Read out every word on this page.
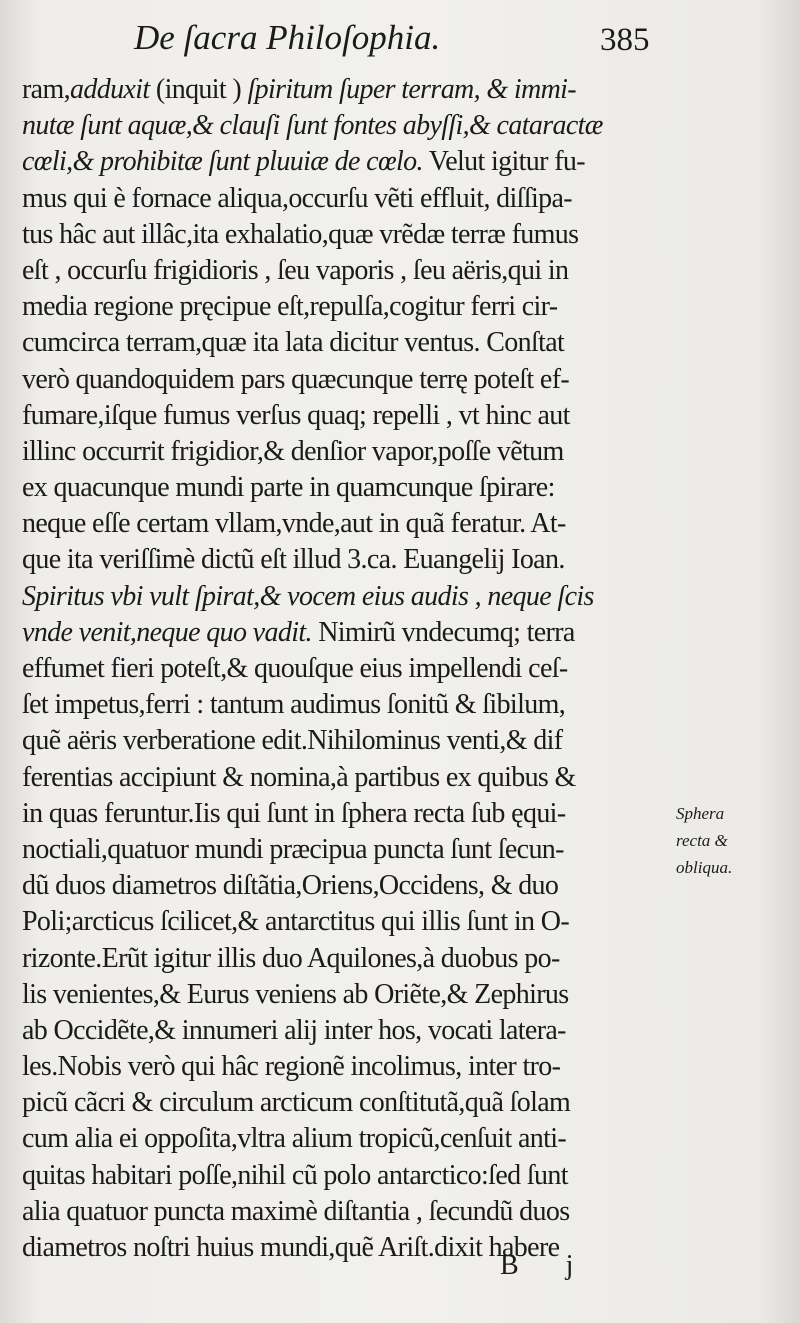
De ſacra Philoſophia.	385
ram,adduxit (inquit ) ſpiritum ſuper terram, & immi-
nutæ ſunt aquæ,& clauſi ſunt fontes abyſſi,& cataractæ
cœli,& prohibitæ ſunt pluuiæ de cœlo. Velut igitur fu-
mus qui è fornace aliqua,occurſu vẽti effluit, diſſipa-
tus hâc aut illâc,ita exhalatio,quæ vrẽdæ terræ fumus
eſt , occurſu frigidioris , ſeu vaporis , ſeu aëris,qui in
media regione pręcipue eſt,repulſa,cogitur ferri cir-
cumcirca terram,quæ ita lata dicitur ventus. Conſtat
verò quandoquidem pars quæcunque terrę poteſt ef-
fumare,iſque fumus verſus quaq; repelli , vt hinc aut
illinc occurrit frigidior,& denſior vapor,poſſe vẽtum
ex quacunque mundi parte in quamcunque ſpirare:
neque eſſe certam vllam,vnde,aut in quã feratur. At-
que ita veriſſimè dictũ eſt illud 3.ca. Euangelij Ioan.
Spiritus vbi vult ſpirat,& vocem eius audis , neque ſcis
vnde venit,neque quo vadit. Nimirũ vndecumq; terra
effumet fieri poteſt,& quouſque eius impellendi ceſ-
ſet impetus,ferri : tantum audimus ſonitũ & ſibilum,
quẽ aëris verberatione edit.Nihilominus venti,& dif
ferentias accipiunt & nomina,à partibus ex quibus &
in quas feruntur.Iis qui ſunt in ſphera recta ſub ęqui-
noctiali,quatuor mundi præcipua puncta ſunt ſecun-
dũ duos diametros diſtãtia,Oriens,Occidens, & duo
Poli;arcticus ſcilicet,& antarctitus qui illis ſunt in O-
rizonte.Erũt igitur illis duo Aquilones,à duobus po-
lis venientes,& Eurus veniens ab Oriẽte,& Zephirus
ab Occidẽte,& innumeri alij inter hos, vocati latera-
les.Nobis verò qui hâc regionẽ incolimus, inter tro-
picũ cãcri & circulum arcticum conſtitutã,quã ſolam
cum alia ei oppoſita,vltra alium tropicũ,cenſuit anti-
quitas habitari poſſe,nihil cũ polo antarctico:ſed ſunt
alia quatuor puncta maximè diſtantia , ſecundũ duos
diametros noſtri huius mundi,quẽ Ariſt.dixit habere
Sphera
recta &
obliqua.
B j
